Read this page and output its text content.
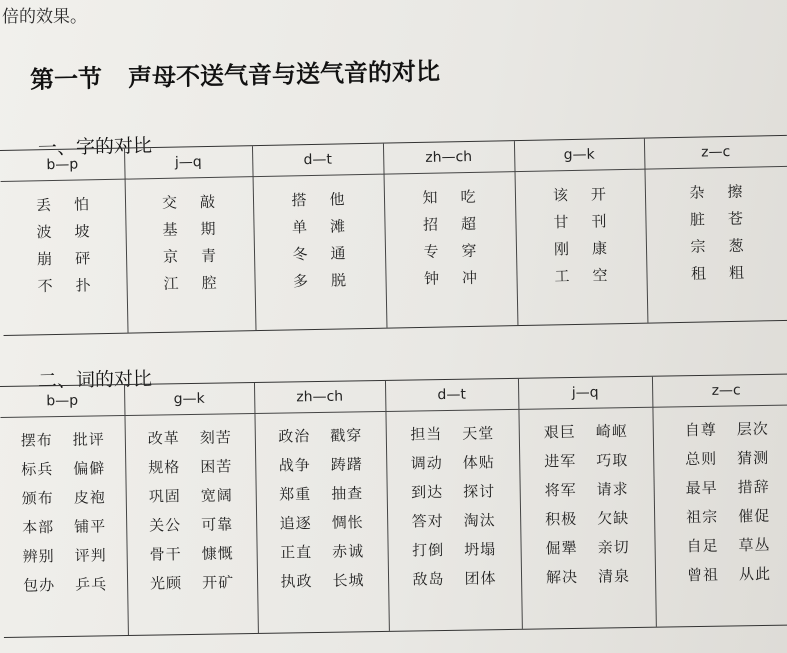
倍的效果。
第一节 声母不送气音与送气音的对比
一、字的对比
b—p
丢 怕
波 坡
崩 砰
不 扑
j—q
交 敲
基 期
京 青
江 腔
d—t
搭 他
单 滩
冬 通
多 脱
zh—ch
知 吃
招 超
专 穿
钟 冲
g—k
该 开
甘 刊
刚 康
工 空
z—c
杂 擦
脏 苍
宗 葱
租 粗
二、词的对比
b—p
摆布 批评
标兵 偏僻
颁布 皮袍
本部 铺平
辨别 评判
包办 乒乓
g—k
改革 刻苦
规格 困苦
巩固 宽阔
关公 可靠
骨干 慷慨
光顾 开矿
zh—ch
政治 戳穿
战争 踌躇
郑重 抽查
追逐 惆怅
正直 赤诚
执政 长城
d—t
担当 天堂
调动 体贴
到达 探讨
答对 淘汰
打倒 坍塌
敌岛 团体
j—q
艰巨 崎岖
进军 巧取
将军 请求
积极 欠缺
倔犟 亲切
解决 清泉
z—c
自尊 层次
总则 猜测
最早 措辞
祖宗 催促
自足 草丛
曾祖 从此
